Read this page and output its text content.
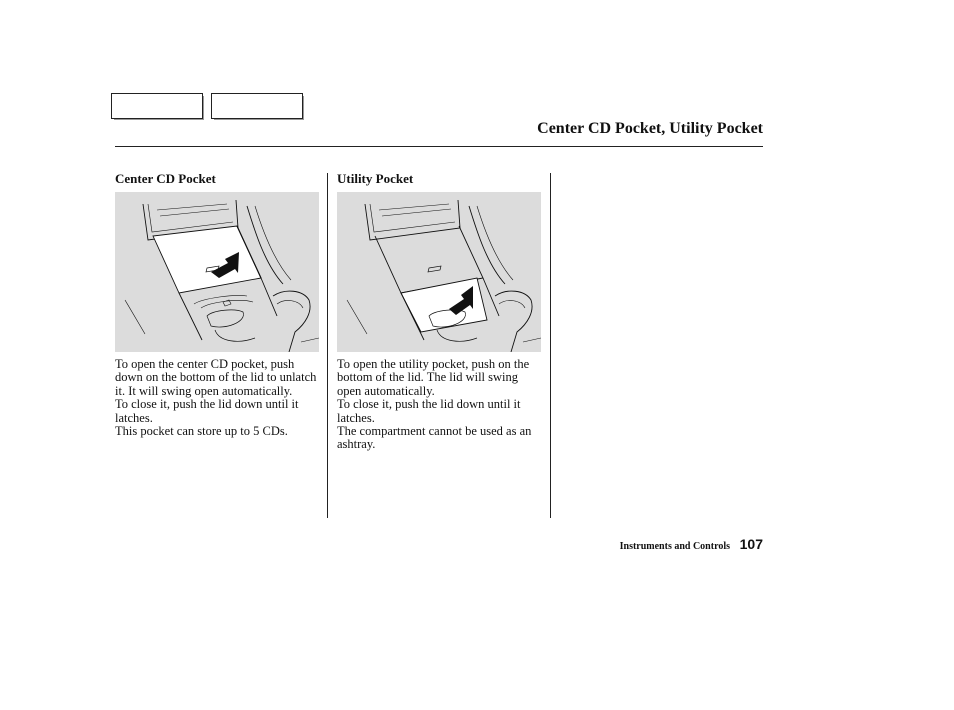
Center CD Pocket, Utility Pocket
Center CD Pocket	Utility Pocket

To open the center CD pocket, push down on the bottom of the lid to unlatch it. It will swing open automatically.

To close it, push the lid down until it latches.

This pocket can store up to 5 CDs.

To open the utility pocket, push on the bottom of the lid. The lid will swing open automatically.

To close it, push the lid down until it latches.

The compartment cannot be used as an ashtray.

Instruments and Controls 107
